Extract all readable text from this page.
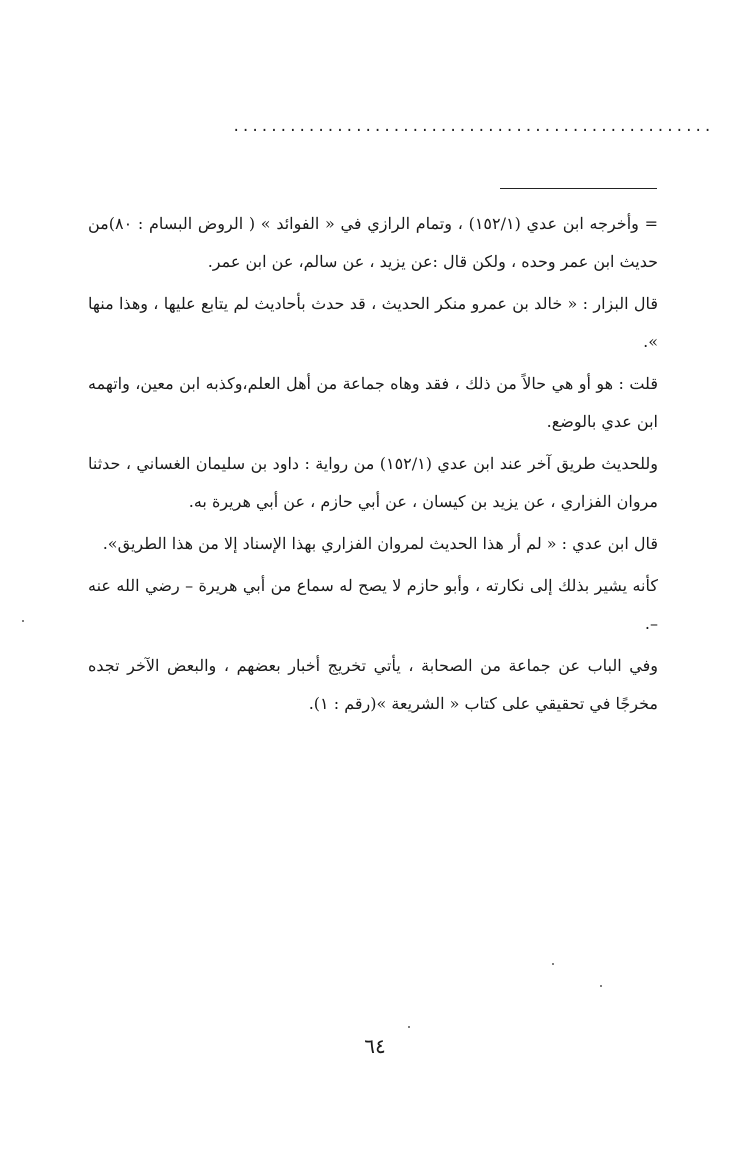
...................................................

= وأخرجه ابن عدي (١٥٢/١) ، وتمام الرازي في « الفوائد » ( الروض البسام : ٨٠)من حديث ابن عمر وحده ، ولكن قال :عن يزيد ، عن سالم، عن ابن عمر.

قال البزار : « خالد بن عمرو منكر الحديث ، قد حدث بأحاديث لم يتابع عليها ، وهذا منها ».

قلت : هو أو هي حالاً من ذلك ، فقد وهاه جماعة من أهل العلم،وكذبه ابن معين، واتهمه ابن عدي بالوضع.

وللحديث طريق آخر عند ابن عدي (١٥٢/١) من رواية : داود بن سليمان الغساني ، حدثنا مروان الفزاري ، عن يزيد بن كيسان ، عن أبي حازم ، عن أبي هريرة به.

قال ابن عدي : « لم أر هذا الحديث لمروان الفزاري بهذا الإسناد إلا من هذا الطريق».

كأنه يشير بذلك إلى نكارته ، وأبو حازم لا يصح له سماع من أبي هريرة – رضي الله عنه –.

وفي الباب عن جماعة من الصحابة ، يأتي تخريج أخبار بعضهم ، والبعض الآخر تجده مخرجًا في تحقيقي على كتاب « الشريعة »(رقم : ١).

٦٤
